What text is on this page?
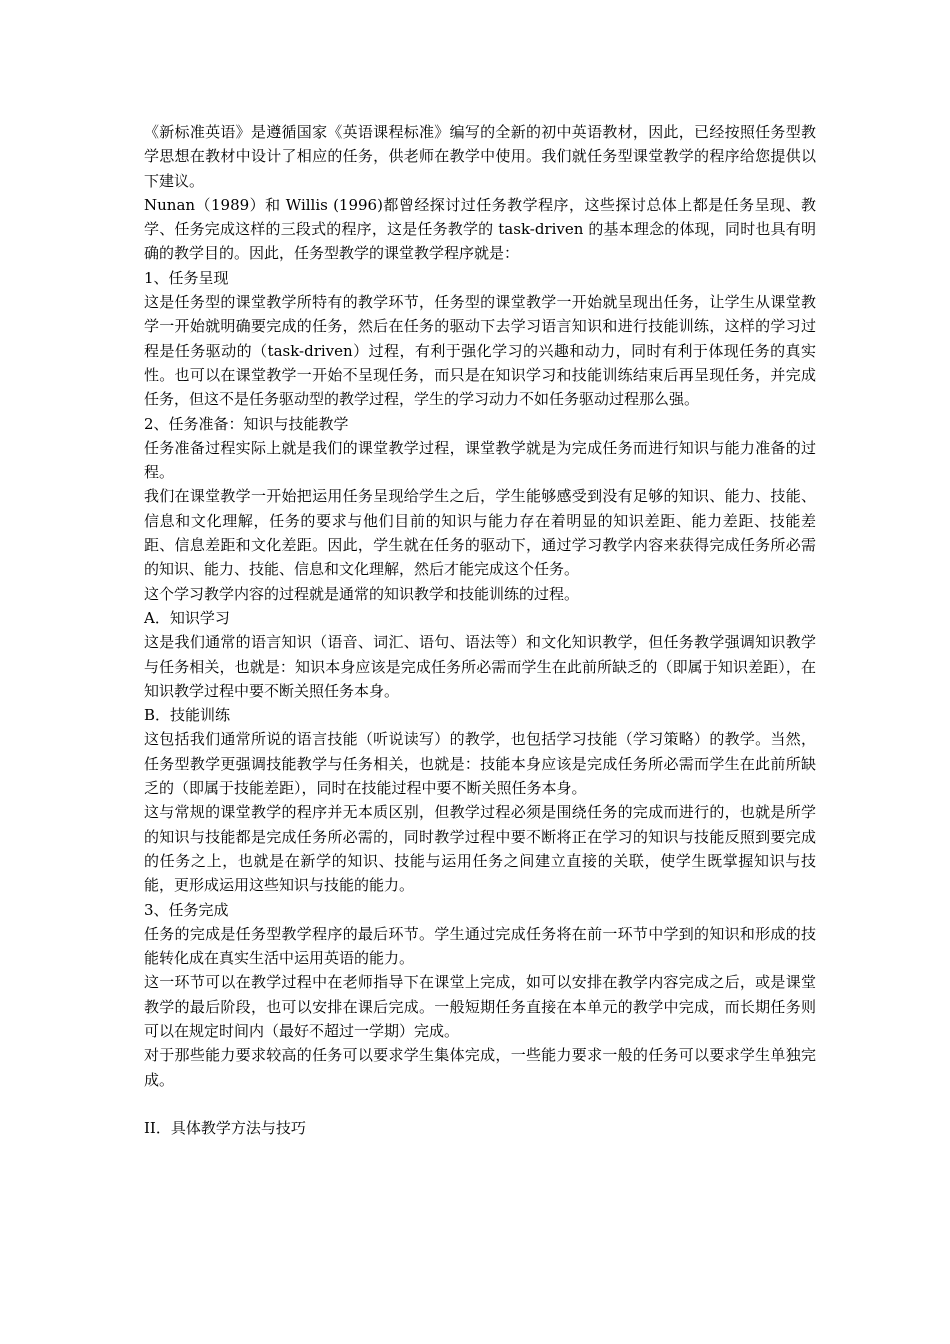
《新标准英语》是遵循国家《英语课程标准》编写的全新的初中英语教材，因此，已经按照任务型教学思想在教材中设计了相应的任务，供老师在教学中使用。我们就任务型课堂教学的程序给您提供以下建议。

Nunan（1989）和 Willis (1996)都曾经探讨过任务教学程序，这些探讨总体上都是任务呈现、教学、任务完成这样的三段式的程序，这是任务教学的 task-driven 的基本理念的体现，同时也具有明确的教学目的。因此，任务型教学的课堂教学程序就是：

1、任务呈现

这是任务型的课堂教学所特有的教学环节，任务型的课堂教学一开始就呈现出任务，让学生从课堂教学一开始就明确要完成的任务，然后在任务的驱动下去学习语言知识和进行技能训练，这样的学习过程是任务驱动的（task-driven）过程，有利于强化学习的兴趣和动力，同时有利于体现任务的真实性。也可以在课堂教学一开始不呈现任务，而只是在知识学习和技能训练结束后再呈现任务，并完成任务，但这不是任务驱动型的教学过程，学生的学习动力不如任务驱动过程那么强。

2、任务准备：知识与技能教学

任务准备过程实际上就是我们的课堂教学过程，课堂教学就是为完成任务而进行知识与能力准备的过程。

我们在课堂教学一开始把运用任务呈现给学生之后，学生能够感受到没有足够的知识、能力、技能、信息和文化理解，任务的要求与他们目前的知识与能力存在着明显的知识差距、能力差距、技能差距、信息差距和文化差距。因此，学生就在任务的驱动下，通过学习教学内容来获得完成任务所必需的知识、能力、技能、信息和文化理解，然后才能完成这个任务。

这个学习教学内容的过程就是通常的知识教学和技能训练的过程。

A．知识学习

这是我们通常的语言知识（语音、词汇、语句、语法等）和文化知识教学，但任务教学强调知识教学与任务相关，也就是：知识本身应该是完成任务所必需而学生在此前所缺乏的（即属于知识差距），在知识教学过程中要不断关照任务本身。

B．技能训练

这包括我们通常所说的语言技能（听说读写）的教学，也包括学习技能（学习策略）的教学。当然，任务型教学更强调技能教学与任务相关，也就是：技能本身应该是完成任务所必需而学生在此前所缺乏的（即属于技能差距），同时在技能过程中要不断关照任务本身。

这与常规的课堂教学的程序并无本质区别，但教学过程必须是围绕任务的完成而进行的，也就是所学的知识与技能都是完成任务所必需的，同时教学过程中要不断将正在学习的知识与技能反照到要完成的任务之上，也就是在新学的知识、技能与运用任务之间建立直接的关联，使学生既掌握知识与技能，更形成运用这些知识与技能的能力。

3、任务完成

任务的完成是任务型教学程序的最后环节。学生通过完成任务将在前一环节中学到的知识和形成的技能转化成在真实生活中运用英语的能力。

这一环节可以在教学过程中在老师指导下在课堂上完成，如可以安排在教学内容完成之后，或是课堂教学的最后阶段，也可以安排在课后完成。一般短期任务直接在本单元的教学中完成，而长期任务则可以在规定时间内（最好不超过一学期）完成。

对于那些能力要求较高的任务可以要求学生集体完成，一些能力要求一般的任务可以要求学生单独完成。

II．具体教学方法与技巧
